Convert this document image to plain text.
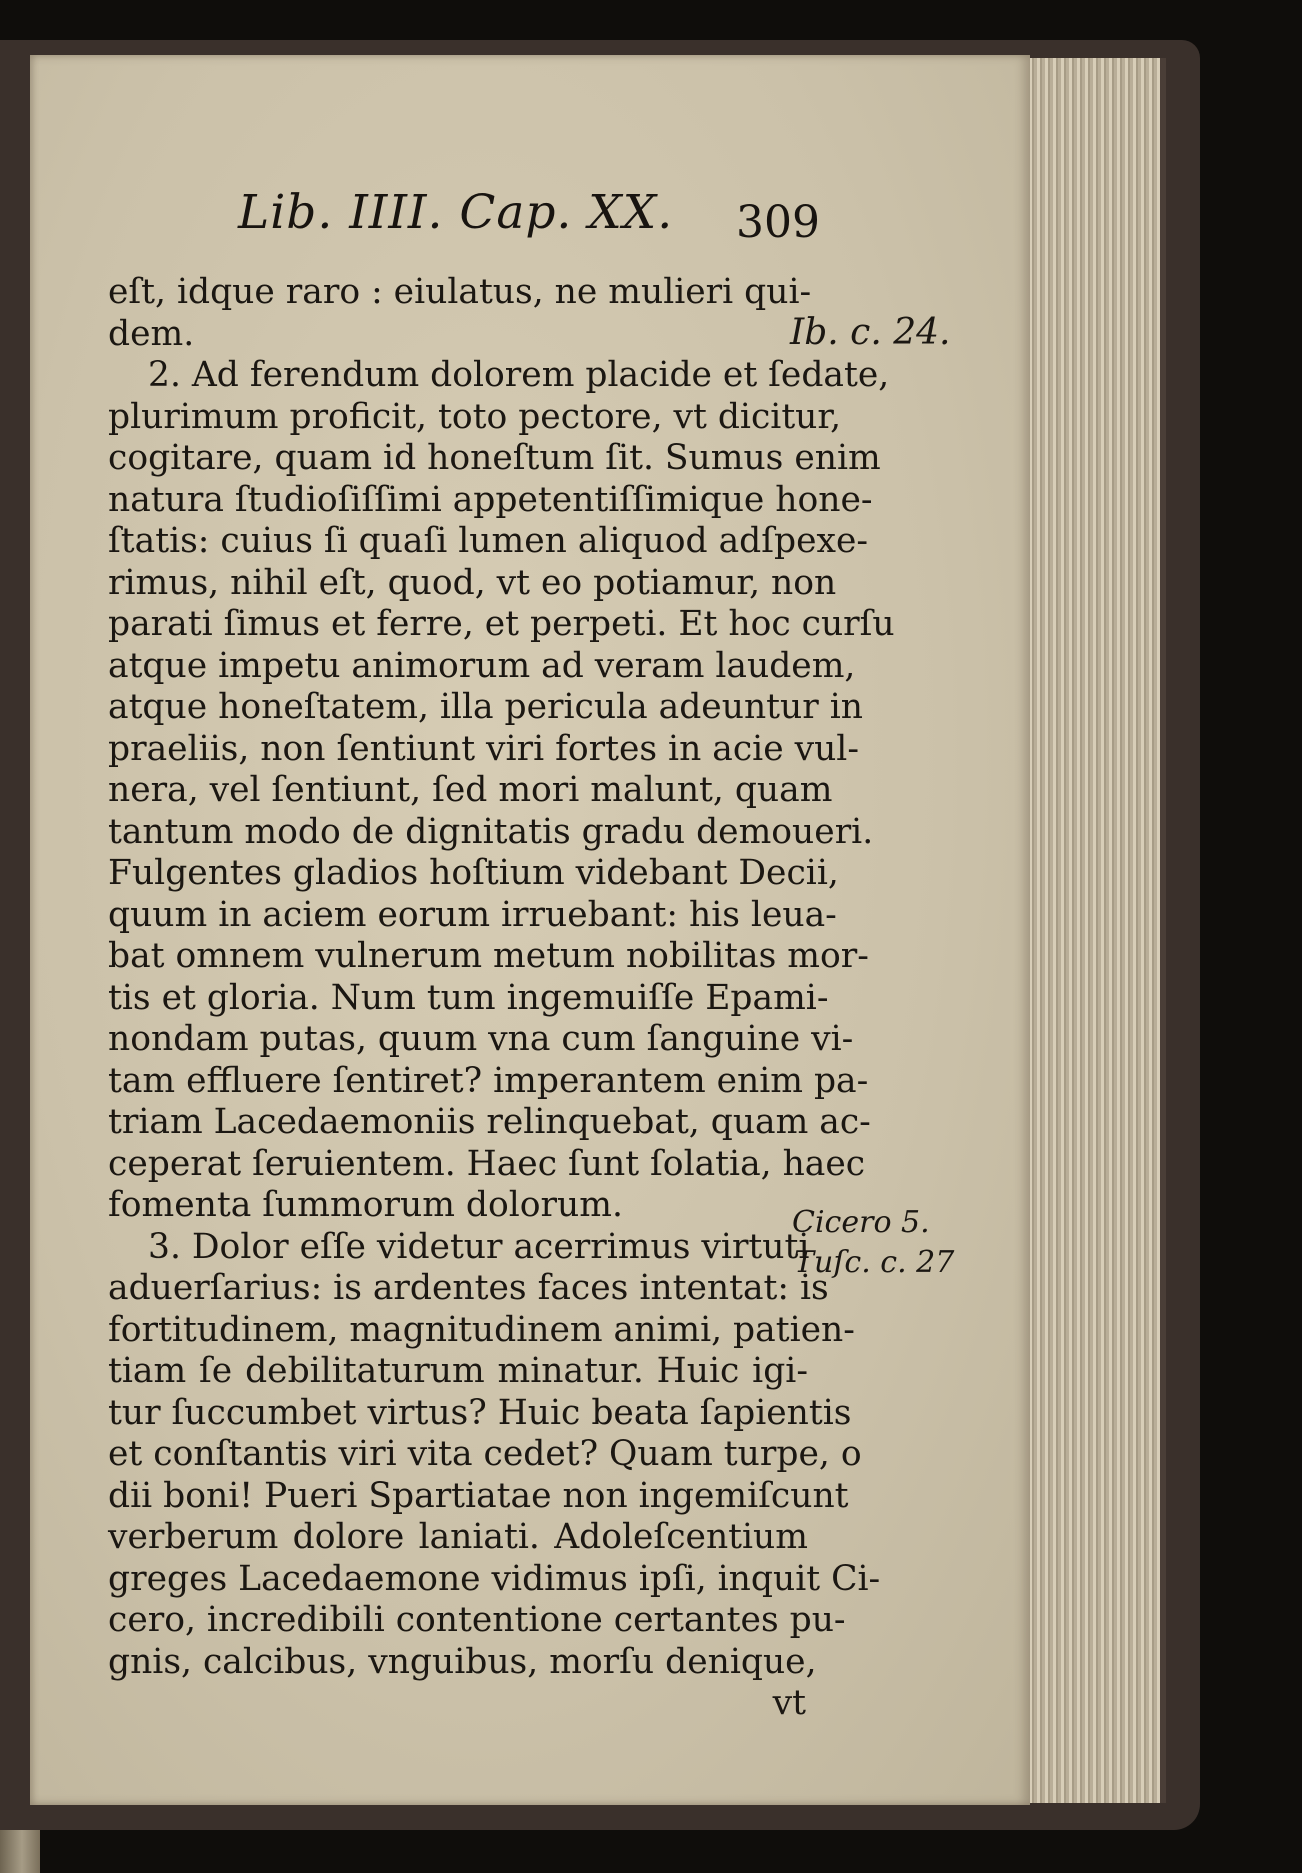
Lib. IIII. Cap. XX. 309
eſt, idque raro : eiulatus, ne mulieri qui-
dem.
2. Ad ferendum dolorem placide et ſedate,
plurimum proficit, toto pectore, vt dicitur,
cogitare, quam id honeſtum ſit. Sumus enim
natura ſtudioſiſſimi appetentiſſimique hone-
ſtatis: cuius ſi quaſi lumen aliquod adſpexe-
rimus, nihil eſt, quod, vt eo potiamur, non
parati ſimus et ferre, et perpeti. Et hoc curſu
atque impetu animorum ad veram laudem,
atque honeſtatem, illa pericula adeuntur in
praeliis, non ſentiunt viri fortes in acie vul-
nera, vel ſentiunt, ſed mori malunt, quam
tantum modo de dignitatis gradu demoueri.
Fulgentes gladios hoſtium videbant Decii,
quum in aciem eorum irruebant: his leua-
bat omnem vulnerum metum nobilitas mor-
tis et gloria. Num tum ingemuiſſe Epami-
nondam putas, quum vna cum ſanguine vi-
tam effluere ſentiret? imperantem enim pa-
triam Lacedaemoniis relinquebat, quam ac-
ceperat ſeruientem. Haec ſunt ſolatia, haec
fomenta ſummorum dolorum.
3. Dolor eſſe videtur acerrimus virtuti
aduerſarius: is ardentes faces intentat: is
fortitudinem, magnitudinem animi, patien-
tiam ſe debilitaturum minatur. Huic igi-
tur ſuccumbet virtus? Huic beata ſapientis
et conſtantis viri vita cedet? Quam turpe, o
dii boni! Pueri Spartiatae non ingemiſcunt
verberum dolore laniati. Adoleſcentium
greges Lacedaemone vidimus ipſi, inquit Ci-
cero, incredibili contentione certantes pu-
gnis, calcibus, vnguibus, morſu denique,
vt
Ib. c. 24.
Cicero 5.
Tuſc. c. 27
